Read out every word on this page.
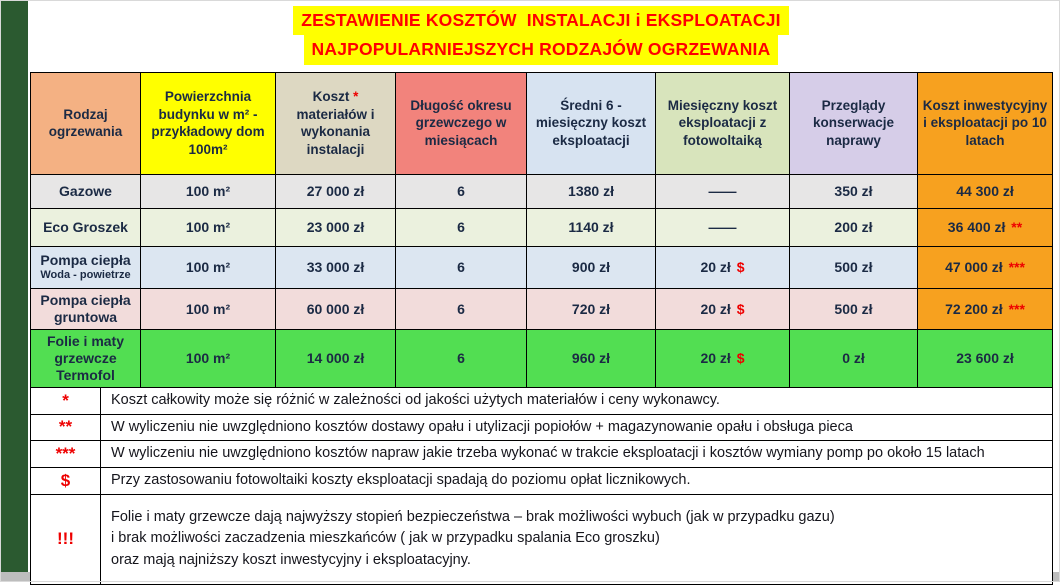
ZESTAWIENIE KOSZTÓW  INSTALACJI i EKSPLOATACJI
NAJPOPULARNIEJSZYCH RODZAJÓW OGRZEWANIA
Rodzaj ogrzewania	Powierzchnia budynku w m² - przykładowy dom 100m²	Koszt * materiałów i wykonania instalacji	Długość okresu grzewczego w miesiącach	Średni 6 - miesięczny koszt eksploatacji	Miesięczny koszt eksploatacji z fotowoltaiką	Przeglądy konserwacje naprawy	Koszt inwestycyjny i eksploatacji po 10 latach
Gazowe	100 m²	27 000 zł	6	1380 zł	——	350 zł	44 300 zł
Eco Groszek	100 m²	23 000 zł	6	1140 zł	——	200 zł	36 400 zł **
Pompa ciepła
Woda - powietrze	100 m²	33 000 zł	6	900 zł	20 zł $	500 zł	47 000 zł ***
Pompa ciepła
gruntowa	100 m²	60 000 zł	6	720 zł	20 zł $	500 zł	72 200 zł ***
Folie i maty grzewcze Termofol	100 m²	14 000 zł	6	960 zł	20 zł $	0 zł	23 600 zł
*	Koszt całkowity może się różnić w zależności od jakości użytych materiałów i ceny wykonawcy.
**	W wyliczeniu nie uwzględniono kosztów dostawy opału i utylizacji popiołów + magazynowanie opału i obsługa pieca
***	W wyliczeniu nie uwzględniono kosztów napraw jakie trzeba wykonać w trakcie eksploatacji i kosztów wymiany pomp po około 15 latach
$	Przy zastosowaniu fotowoltaiki koszty eksploatacji spadają do poziomu opłat licznikowych.
!!!	Folie i maty grzewcze dają najwyższy stopień bezpieczeństwa – brak możliwości wybuch (jak w przypadku gazu)
i brak możliwości zaczadzenia mieszkańców ( jak w przypadku spalania Eco groszku)
oraz mają najniższy koszt inwestycyjny i eksploatacyjny.
